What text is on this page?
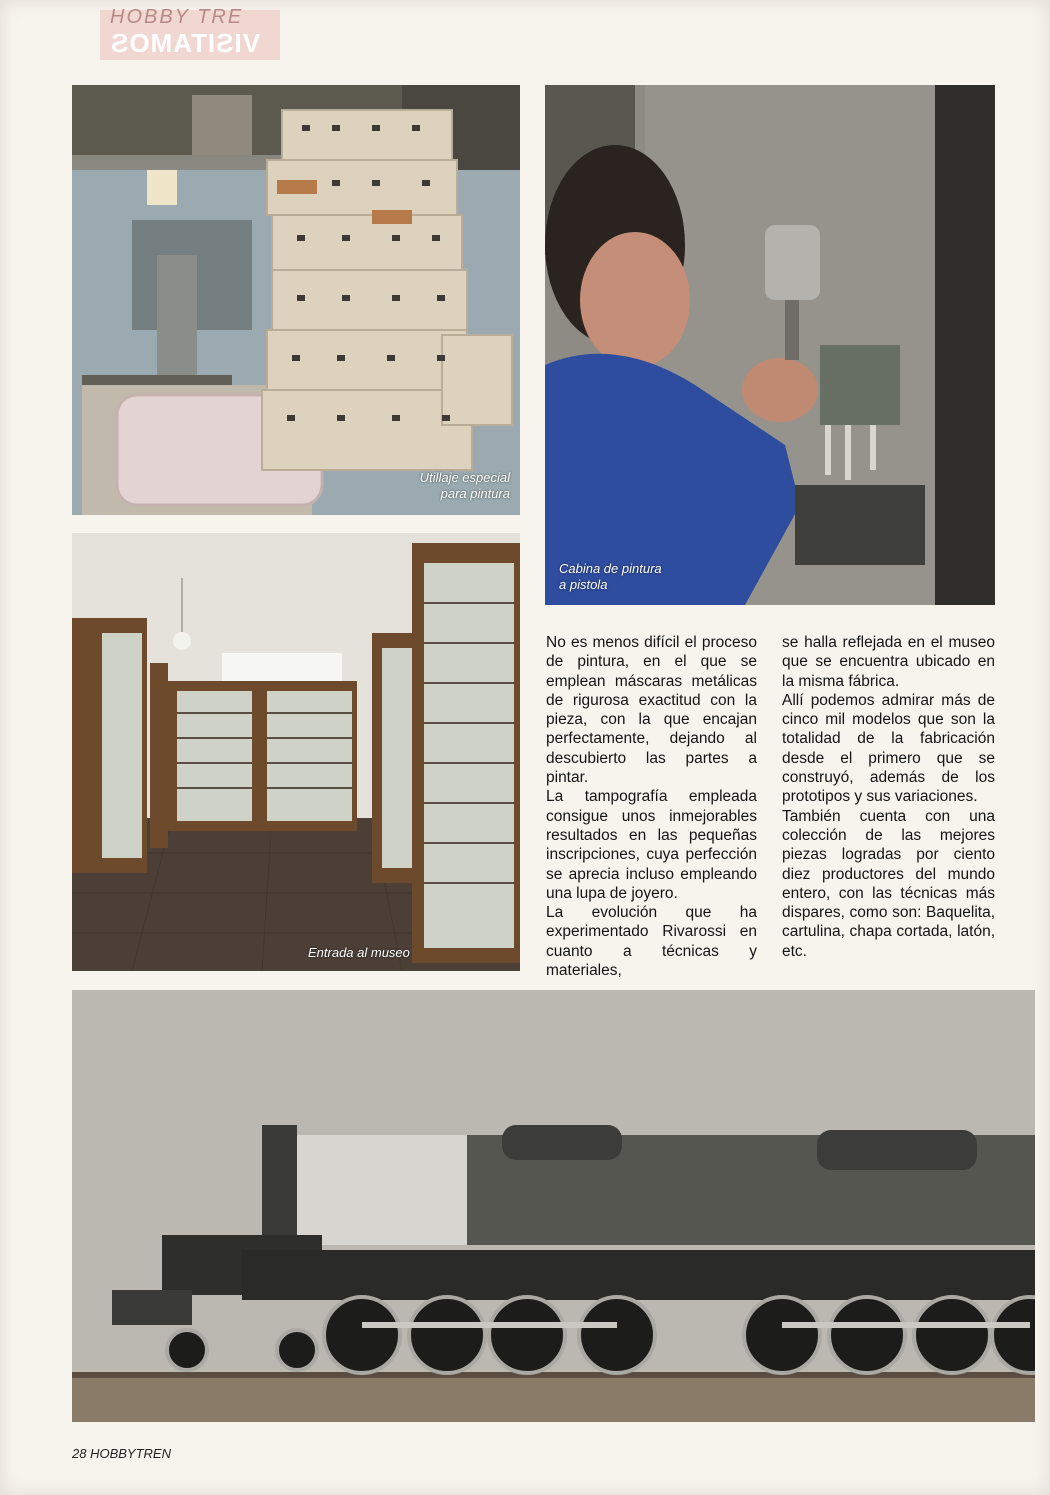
HOBBY TRE
VISITAMOS
Utillaje especial
para pintura
Cabina de pintura
a pistola
Entrada al museo

No es menos difícil el proceso de pintura, en el que se emplean máscaras metálicas de rigurosa exactitud con la pieza, con la que encajan perfectamente, dejando al descubierto las partes a pintar.

La tampografía empleada consigue unos inmejorables resultados en las pequeñas inscripciones, cuya perfección se aprecia incluso empleando una lupa de joyero.

La evolución que ha experimentado Rivarossi en cuanto a técnicas y materiales,

se halla reflejada en el museo que se encuentra ubicado en la misma fábrica.

Allí podemos admirar más de cinco mil modelos que son la totalidad de la fabricación desde el primero que se construyó, además de los prototipos y sus variaciones.

También cuenta con una colección de las mejores piezas logradas por ciento diez productores del mundo entero, con las técnicas más dispares, como son: Baquelita, cartulina, chapa cortada, latón, etc.

28 HOBBYTREN
